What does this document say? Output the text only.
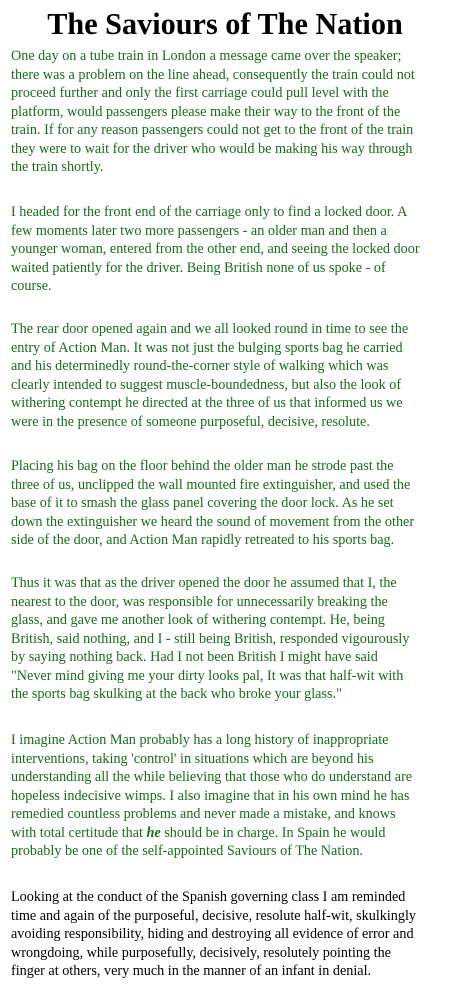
The Saviours of The Nation
One day on a tube train in London a message came over the speaker;
there was a problem on the line ahead, consequently the train could not
proceed further and only the first carriage could pull level with the
platform, would passengers please make their way to the front of the
train. If for any reason passengers could not get to the front of the train
they were to wait for the driver who would be making his way through
the train shortly.
I headed for the front end of the carriage only to find a locked door. A
few moments later two more passengers - an older man and then a
younger woman, entered from the other end, and seeing the locked door
waited patiently for the driver. Being British none of us spoke - of
course.
The rear door opened again and we all looked round in time to see the
entry of Action Man. It was not just the bulging sports bag he carried
and his determinedly round-the-corner style of walking which was
clearly intended to suggest muscle-boundedness, but also the look of
withering contempt he directed at the three of us that informed us we
were in the presence of someone purposeful, decisive, resolute.
Placing his bag on the floor behind the older man he strode past the
three of us, unclipped the wall mounted fire extinguisher, and used the
base of it to smash the glass panel covering the door lock. As he set
down the extinguisher we heard the sound of movement from the other
side of the door, and Action Man rapidly retreated to his sports bag.
Thus it was that as the driver opened the door he assumed that I, the
nearest to the door, was responsible for unnecessarily breaking the
glass, and gave me another look of withering contempt. He, being
British, said nothing, and I - still being British, responded vigourously
by saying nothing back. Had I not been British I might have said
"Never mind giving me your dirty looks pal, It was that half-wit with
the sports bag skulking at the back who broke your glass."
I imagine Action Man probably has a long history of inappropriate
interventions, taking 'control' in situations which are beyond his
understanding all the while believing that those who do understand are
hopeless indecisive wimps. I also imagine that in his own mind he has
remedied countless problems and never made a mistake, and knows
with total certitude that he should be in charge. In Spain he would
probably be one of the self-appointed Saviours of The Nation.
Looking at the conduct of the Spanish governing class I am reminded
time and again of the purposeful, decisive, resolute half-wit, skulkingly
avoiding responsibility, hiding and destroying all evidence of error and
wrongdoing, while purposefully, decisively, resolutely pointing the
finger at others, very much in the manner of an infant in denial.
